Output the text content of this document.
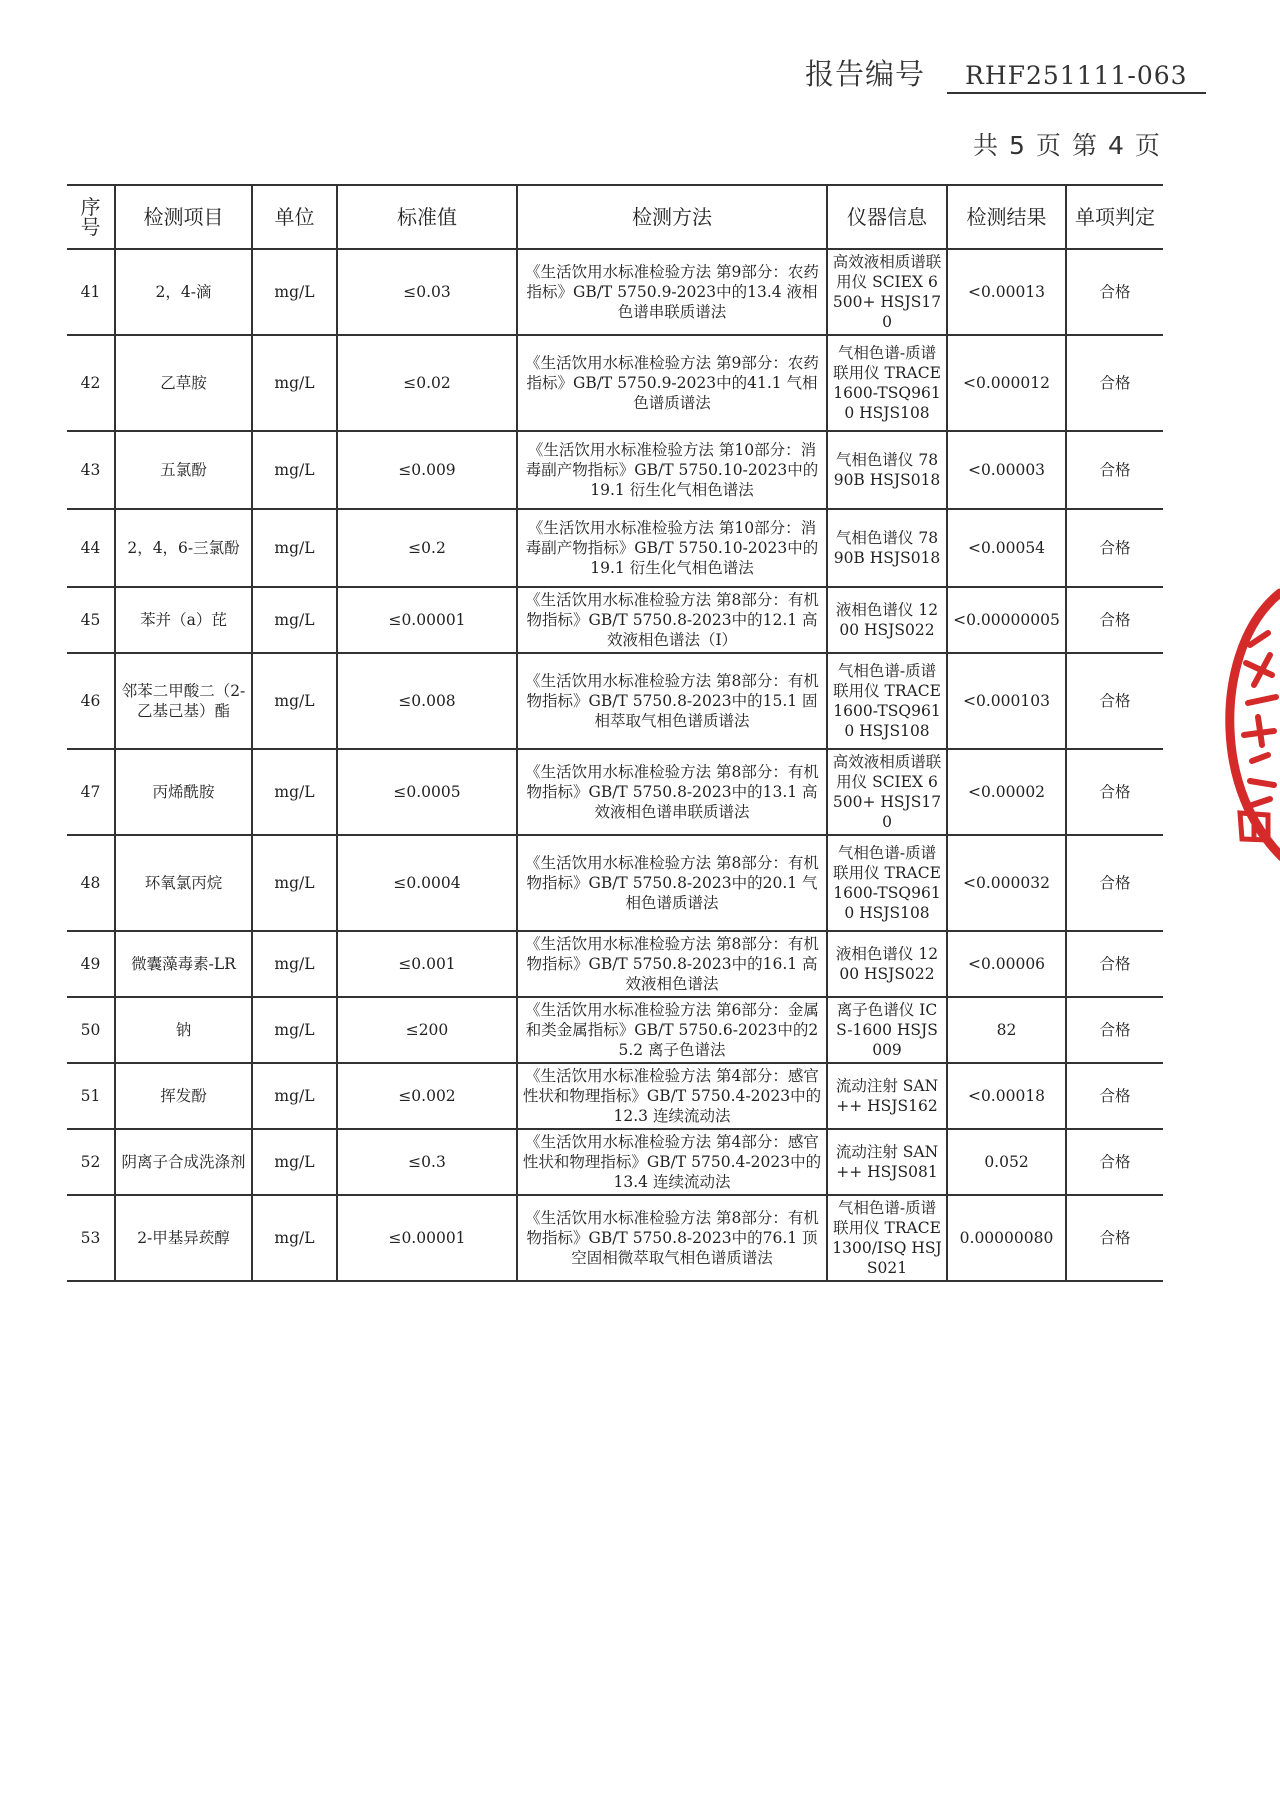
报告编号 RHF251111-063
共 5 页 第 4 页
序号	检测项目	单位	标准值	检测方法	仪器信息	检测结果	单项判定
41	2，4-滴	mg/L	≤0.03	《生活饮用水标准检验方法 第9部分：农药指标》GB/T 5750.9-2023中的13.4 液相色谱串联质谱法	高效液相质谱联用仪 SCIEX 6500+ HSJS170	<0.00013	合格
42	乙草胺	mg/L	≤0.02	《生活饮用水标准检验方法 第9部分：农药指标》GB/T 5750.9-2023中的41.1 气相色谱质谱法	气相色谱-质谱联用仪 TRACE1600-TSQ9610 HSJS108	<0.000012	合格
43	五氯酚	mg/L	≤0.009	《生活饮用水标准检验方法 第10部分：消毒副产物指标》GB/T 5750.10-2023中的19.1 衍生化气相色谱法	气相色谱仪 7890B HSJS018	<0.00003	合格
44	2，4，6-三氯酚	mg/L	≤0.2	《生活饮用水标准检验方法 第10部分：消毒副产物指标》GB/T 5750.10-2023中的19.1 衍生化气相色谱法	气相色谱仪 7890B HSJS018	<0.00054	合格
45	苯并（a）芘	mg/L	≤0.00001	《生活饮用水标准检验方法 第8部分：有机物指标》GB/T 5750.8-2023中的12.1 高效液相色谱法（I）	液相色谱仪 1200 HSJS022	<0.00000005	合格
46	邻苯二甲酸二（2-乙基己基）酯	mg/L	≤0.008	《生活饮用水标准检验方法 第8部分：有机物指标》GB/T 5750.8-2023中的15.1 固相萃取气相色谱质谱法	气相色谱-质谱联用仪 TRACE1600-TSQ9610 HSJS108	<0.000103	合格
47	丙烯酰胺	mg/L	≤0.0005	《生活饮用水标准检验方法 第8部分：有机物指标》GB/T 5750.8-2023中的13.1 高效液相色谱串联质谱法	高效液相质谱联用仪 SCIEX 6500+ HSJS170	<0.00002	合格
48	环氧氯丙烷	mg/L	≤0.0004	《生活饮用水标准检验方法 第8部分：有机物指标》GB/T 5750.8-2023中的20.1 气相色谱质谱法	气相色谱-质谱联用仪 TRACE1600-TSQ9610 HSJS108	<0.000032	合格
49	微囊藻毒素-LR	mg/L	≤0.001	《生活饮用水标准检验方法 第8部分：有机物指标》GB/T 5750.8-2023中的16.1 高效液相色谱法	液相色谱仪 1200 HSJS022	<0.00006	合格
50	钠	mg/L	≤200	《生活饮用水标准检验方法 第6部分：金属和类金属指标》GB/T 5750.6-2023中的25.2 离子色谱法	离子色谱仪 ICS-1600 HSJS009	82	合格
51	挥发酚	mg/L	≤0.002	《生活饮用水标准检验方法 第4部分：感官性状和物理指标》GB/T 5750.4-2023中的12.3 连续流动法	流动注射 SAN++ HSJS162	<0.00018	合格
52	阴离子合成洗涤剂	mg/L	≤0.3	《生活饮用水标准检验方法 第4部分：感官性状和物理指标》GB/T 5750.4-2023中的13.4 连续流动法	流动注射 SAN++ HSJS081	0.052	合格
53	2-甲基异莰醇	mg/L	≤0.00001	《生活饮用水标准检验方法 第8部分：有机物指标》GB/T 5750.8-2023中的76.1 顶空固相微萃取气相色谱质谱法	气相色谱-质谱联用仪 TRACE1300/ISQ HSJS021	0.00000080	合格
